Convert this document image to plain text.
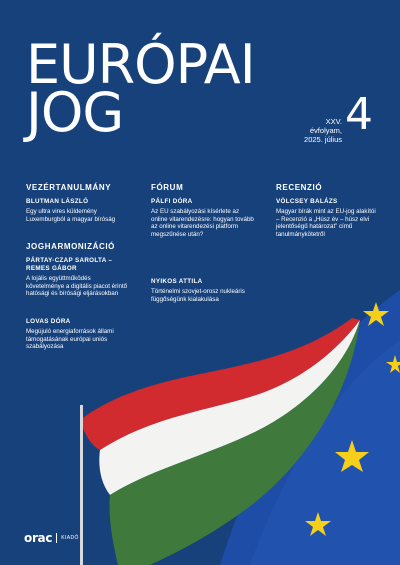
EURÓPAI
JOG	XXV. évfolyam,
2025. július 4
VEZÉRTANULMÁNY
BLUTMAN LÁSZLÓ
Egy ultra vires küldemény Luxemburgból a magyar bíróság
JOGHARMONIZÁCIÓ
PÁRTAY-CZAP SAROLTA – REMES GÁBOR
A lojális együttműködés követelménye a digitális piacot érintő hatósági és bírósági eljárásokban
LOVAS DÓRA
Megújuló energiaforrások állami támogatásának európai uniós szabályozása
FÓRUM
PÁLFI DÓRA
Az EU szabályozási kísérlete az online vitarendezésre: hogyan tovább az online vitarendezési platform megszűnése után?
NYIKOS ATTILA
Történelmi szovjet-orosz nukleáris függőségünk kialakulása
RECENZIÓ
VÖLCSEY BALÁZS
Magyar bírák mint az EU-jog alakítói – Recenzió a „Húsz év – húsz elvi jelentőségű határozat” című tanulmánykötetről
orac KIADÓ
